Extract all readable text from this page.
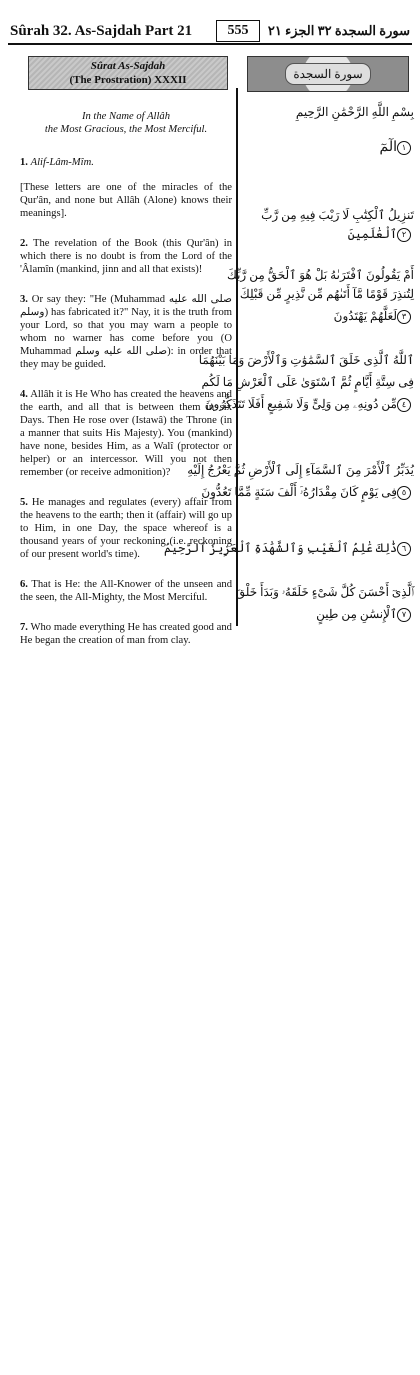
Sûrah 32. As-Sajdah Part 21	555	سورة السجدة ٣٢ الجزء ٢١
Sûrat As-Sajdah
(The Prostration) XXXII
In the Name of Allâh
the Most Gracious, the Most Merciful.

1. Alif-Lâm-Mîm.

[These letters are one of the miracles of the Qur'ân, and none but Allâh (Alone) knows their meanings].

2. The revelation of the Book (this Qur'ân) in which there is no doubt is from the Lord of the 'Âlamîn (mankind, jinn and all that exists)!

3. Or say they: "He (Muhammad صلى الله عليه وسلم) has fabricated it?" Nay, it is the truth from your Lord, so that you may warn a people to whom no warner has come before you (O Muhammad صلى الله عليه وسلم): in order that they may be guided.

4. Allâh it is He Who has created the heavens and the earth, and all that is between them in six Days. Then He rose over (Istawâ) the Throne (in a manner that suits His Majesty). You (mankind) have none, besides Him, as a Walî (protector or helper) or an intercessor. Will you not then remember (or receive admonition)?

5. He manages and regulates (every) affair from the heavens to the earth; then it (affair) will go up to Him, in one Day, the space whereof is a thousand years of your reckoning (i.e. reckoning of our present world's time).

6. That is He: the All-Knower of the unseen and the seen, the All-Mighty, the Most Merciful.

7. Who made everything He has created good and He began the creation of man from clay.

سورة السجدة
بِسْمِ اللَّهِ الرَّحْمَٰنِ الرَّحِيمِ
١الٓمٓ
تَنزِيلُ ٱلْكِتَٰبِ لَا رَيْبَ فِيهِ مِن رَّبِّ
٢ٱلْعَٰلَمِينَ
أَمْ يَقُولُونَ ٱفْتَرَىٰهُ بَلْ هُوَ ٱلْحَقُّ مِن رَّبِّكَ
لِتُنذِرَ قَوْمًا مَّآ أَتَىٰهُم مِّن نَّذِيرٍ مِّن قَبْلِكَ
٣لَعَلَّهُمْ يَهْتَدُونَ
ٱللَّهُ ٱلَّذِى خَلَقَ ٱلسَّمَٰوَٰتِ وَٱلْأَرْضَ وَمَا بَيْنَهُمَا
فِى سِتَّةِ أَيَّامٍ ثُمَّ ٱسْتَوَىٰ عَلَى ٱلْعَرْشِ مَا لَكُم
٤مِّن دُونِهِۦ مِن وَلِىٍّ وَلَا شَفِيعٍ أَفَلَا تَتَذَكَّرُونَ
يُدَبِّرُ ٱلْأَمْرَ مِنَ ٱلسَّمَآءِ إِلَى ٱلْأَرْضِ ثُمَّ يَعْرُجُ إِلَيْهِ
٥فِى يَوْمٍ كَانَ مِقْدَارُهُۥٓ أَلْفَ سَنَةٍ مِّمَّا تَعُدُّونَ
٦ذَٰلِكَ عَٰلِمُ ٱلْغَيْبِ وَٱلشَّهَٰدَةِ ٱلْعَزِيزُ ٱلرَّحِيمُ
ٱلَّذِىٓ أَحْسَنَ كُلَّ شَىْءٍ خَلَقَهُۥ وَبَدَأَ خَلْقَ
٧ٱلْإِنسَٰنِ مِن طِينٍ
